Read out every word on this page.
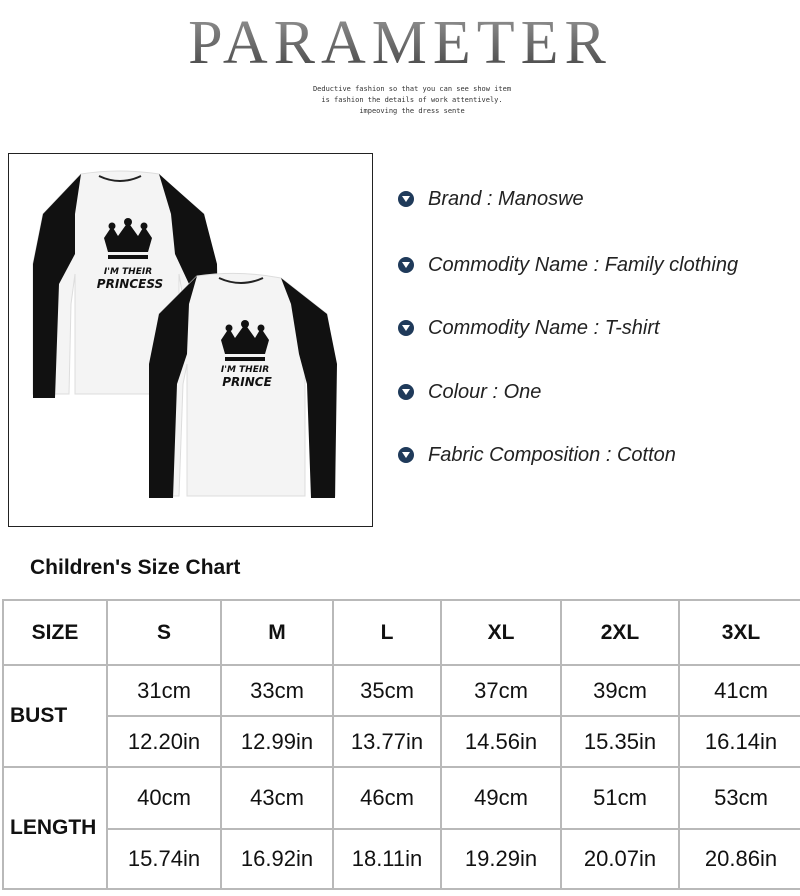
PARAMETER
Deductive fashion so that you can see show item
is fashion the details of work attentively.
impeoving the dress sente
I'M THEIR
PRINCESS
I'M THEIR
PRINCE
Brand : Manoswe
Commodity Name : Family clothing
Commodity Name : T-shirt
Colour : One
Fabric Composition : Cotton
Children's Size Chart
SIZE	S	M	L	XL	2XL	3XL
BUST	31cm	33cm	35cm	37cm	39cm	41cm
	12.20in	12.99in	13.77in	14.56in	15.35in	16.14in
LENGTH	40cm	43cm	46cm	49cm	51cm	53cm
	15.74in	16.92in	18.11in	19.29in	20.07in	20.86in
